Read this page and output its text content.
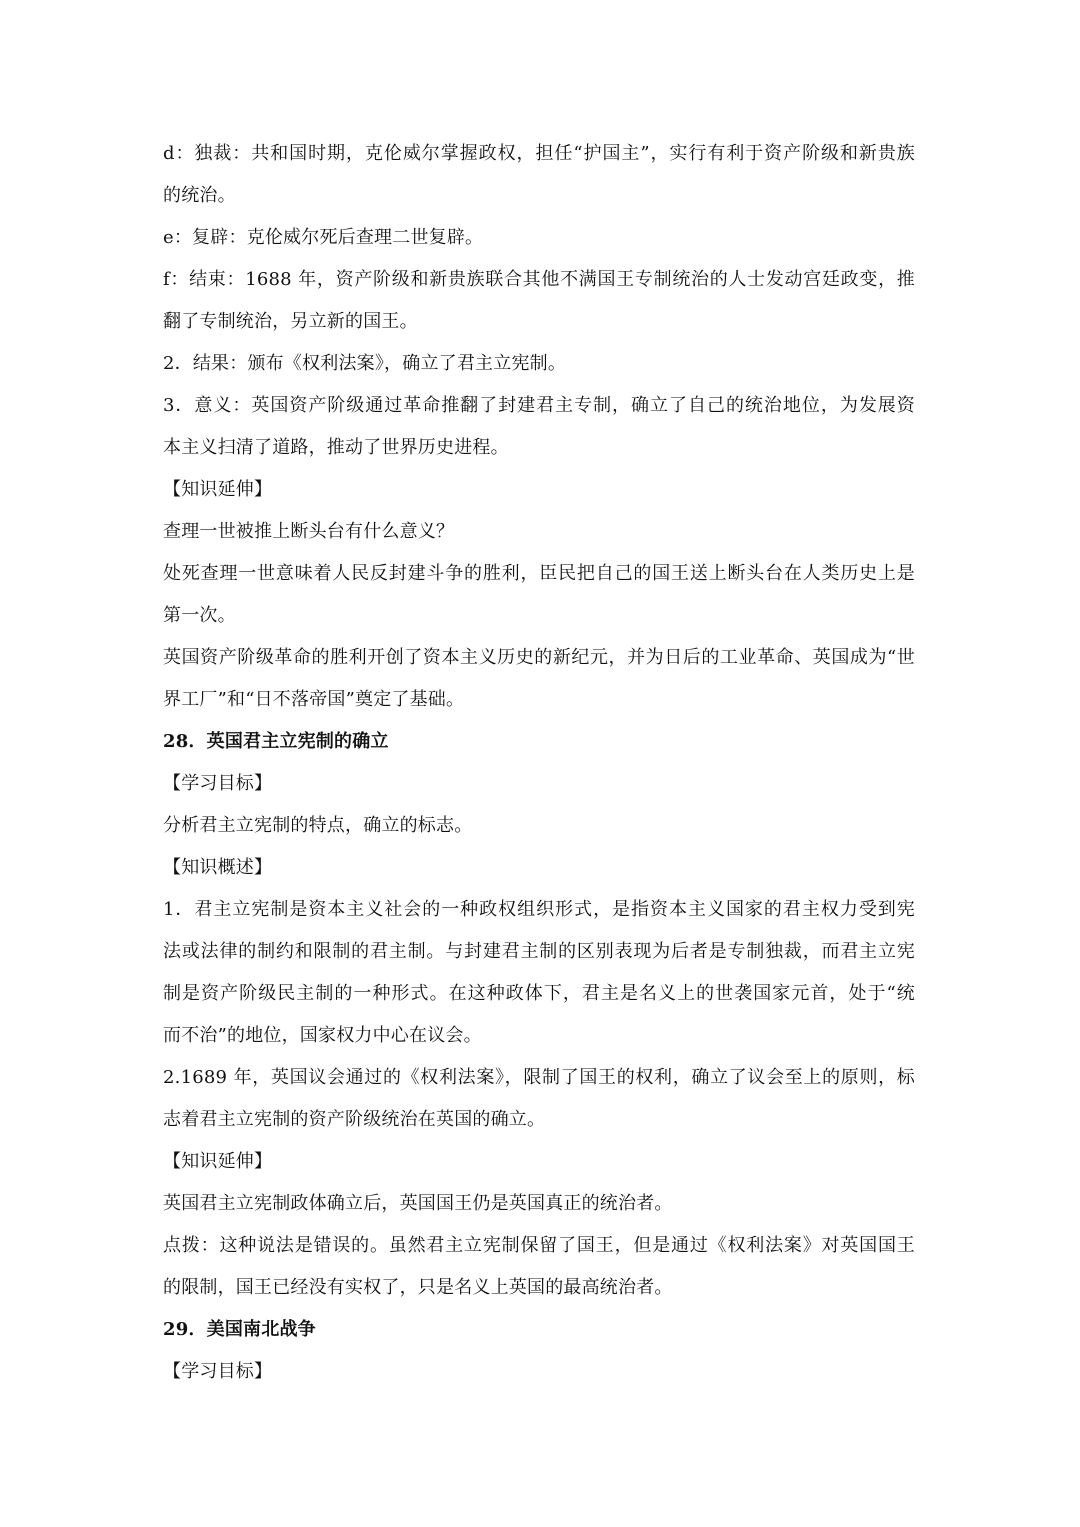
d：独裁：共和国时期，克伦威尔掌握政权，担任“护国主”，实行有利于资产阶级和新贵族
的统治。
e：复辟：克伦威尔死后查理二世复辟。
f：结束：1688 年，资产阶级和新贵族联合其他不满国王专制统治的人士发动宫廷政变，推
翻了专制统治，另立新的国王。
2．结果：颁布《权利法案》，确立了君主立宪制。
3．意义：英国资产阶级通过革命推翻了封建君主专制，确立了自己的统治地位，为发展资
本主义扫清了道路，推动了世界历史进程。
【知识延伸】
查理一世被推上断头台有什么意义？
处死查理一世意味着人民反封建斗争的胜利，臣民把自己的国王送上断头台在人类历史上是
第一次。
英国资产阶级革命的胜利开创了资本主义历史的新纪元，并为日后的工业革命、英国成为“世
界工厂”和“日不落帝国”奠定了基础。
28．英国君主立宪制的确立
【学习目标】
分析君主立宪制的特点，确立的标志。
【知识概述】
1．君主立宪制是资本主义社会的一种政权组织形式，是指资本主义国家的君主权力受到宪
法或法律的制约和限制的君主制。与封建君主制的区别表现为后者是专制独裁，而君主立宪
制是资产阶级民主制的一种形式。在这种政体下，君主是名义上的世袭国家元首，处于“统
而不治”的地位，国家权力中心在议会。
2.1689 年，英国议会通过的《权利法案》，限制了国王的权利，确立了议会至上的原则，标
志着君主立宪制的资产阶级统治在英国的确立。
【知识延伸】
英国君主立宪制政体确立后，英国国王仍是英国真正的统治者。
点拨：这种说法是错误的。虽然君主立宪制保留了国王，但是通过《权利法案》对英国国王
的限制，国王已经没有实权了，只是名义上英国的最高统治者。
29．美国南北战争
【学习目标】
